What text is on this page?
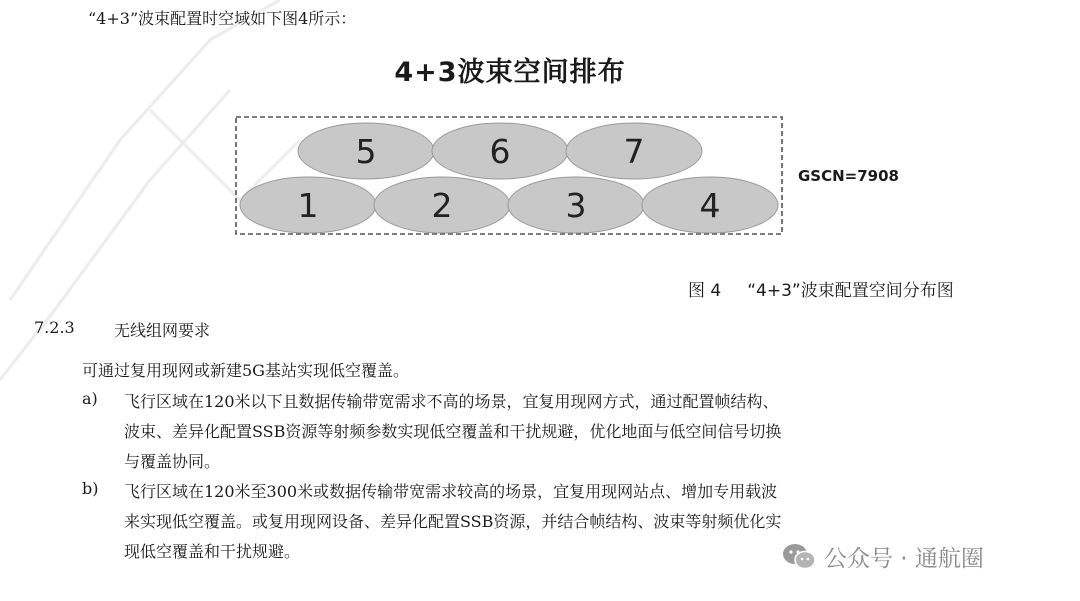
“4+3”波束配置时空域如下图4所示：
4+3波束空间排布
5	6	7
1	2	3	4
GSCN=7908
图 4 “4+3”波束配置空间分布图
7.2.3 无线组网要求
可通过复用现网或新建5G基站实现低空覆盖。
a) 飞行区域在120米以下且数据传输带宽需求不高的场景，宜复用现网方式，通过配置帧结构、
波束、差异化配置SSB资源等射频参数实现低空覆盖和干扰规避，优化地面与低空间信号切换
与覆盖协同。
b) 飞行区域在120米至300米或数据传输带宽需求较高的场景，宜复用现网站点、增加专用载波
来实现低空覆盖。或复用现网设备、差异化配置SSB资源，并结合帧结构、波束等射频优化实
现低空覆盖和干扰规避。	公众号 · 通航圈
